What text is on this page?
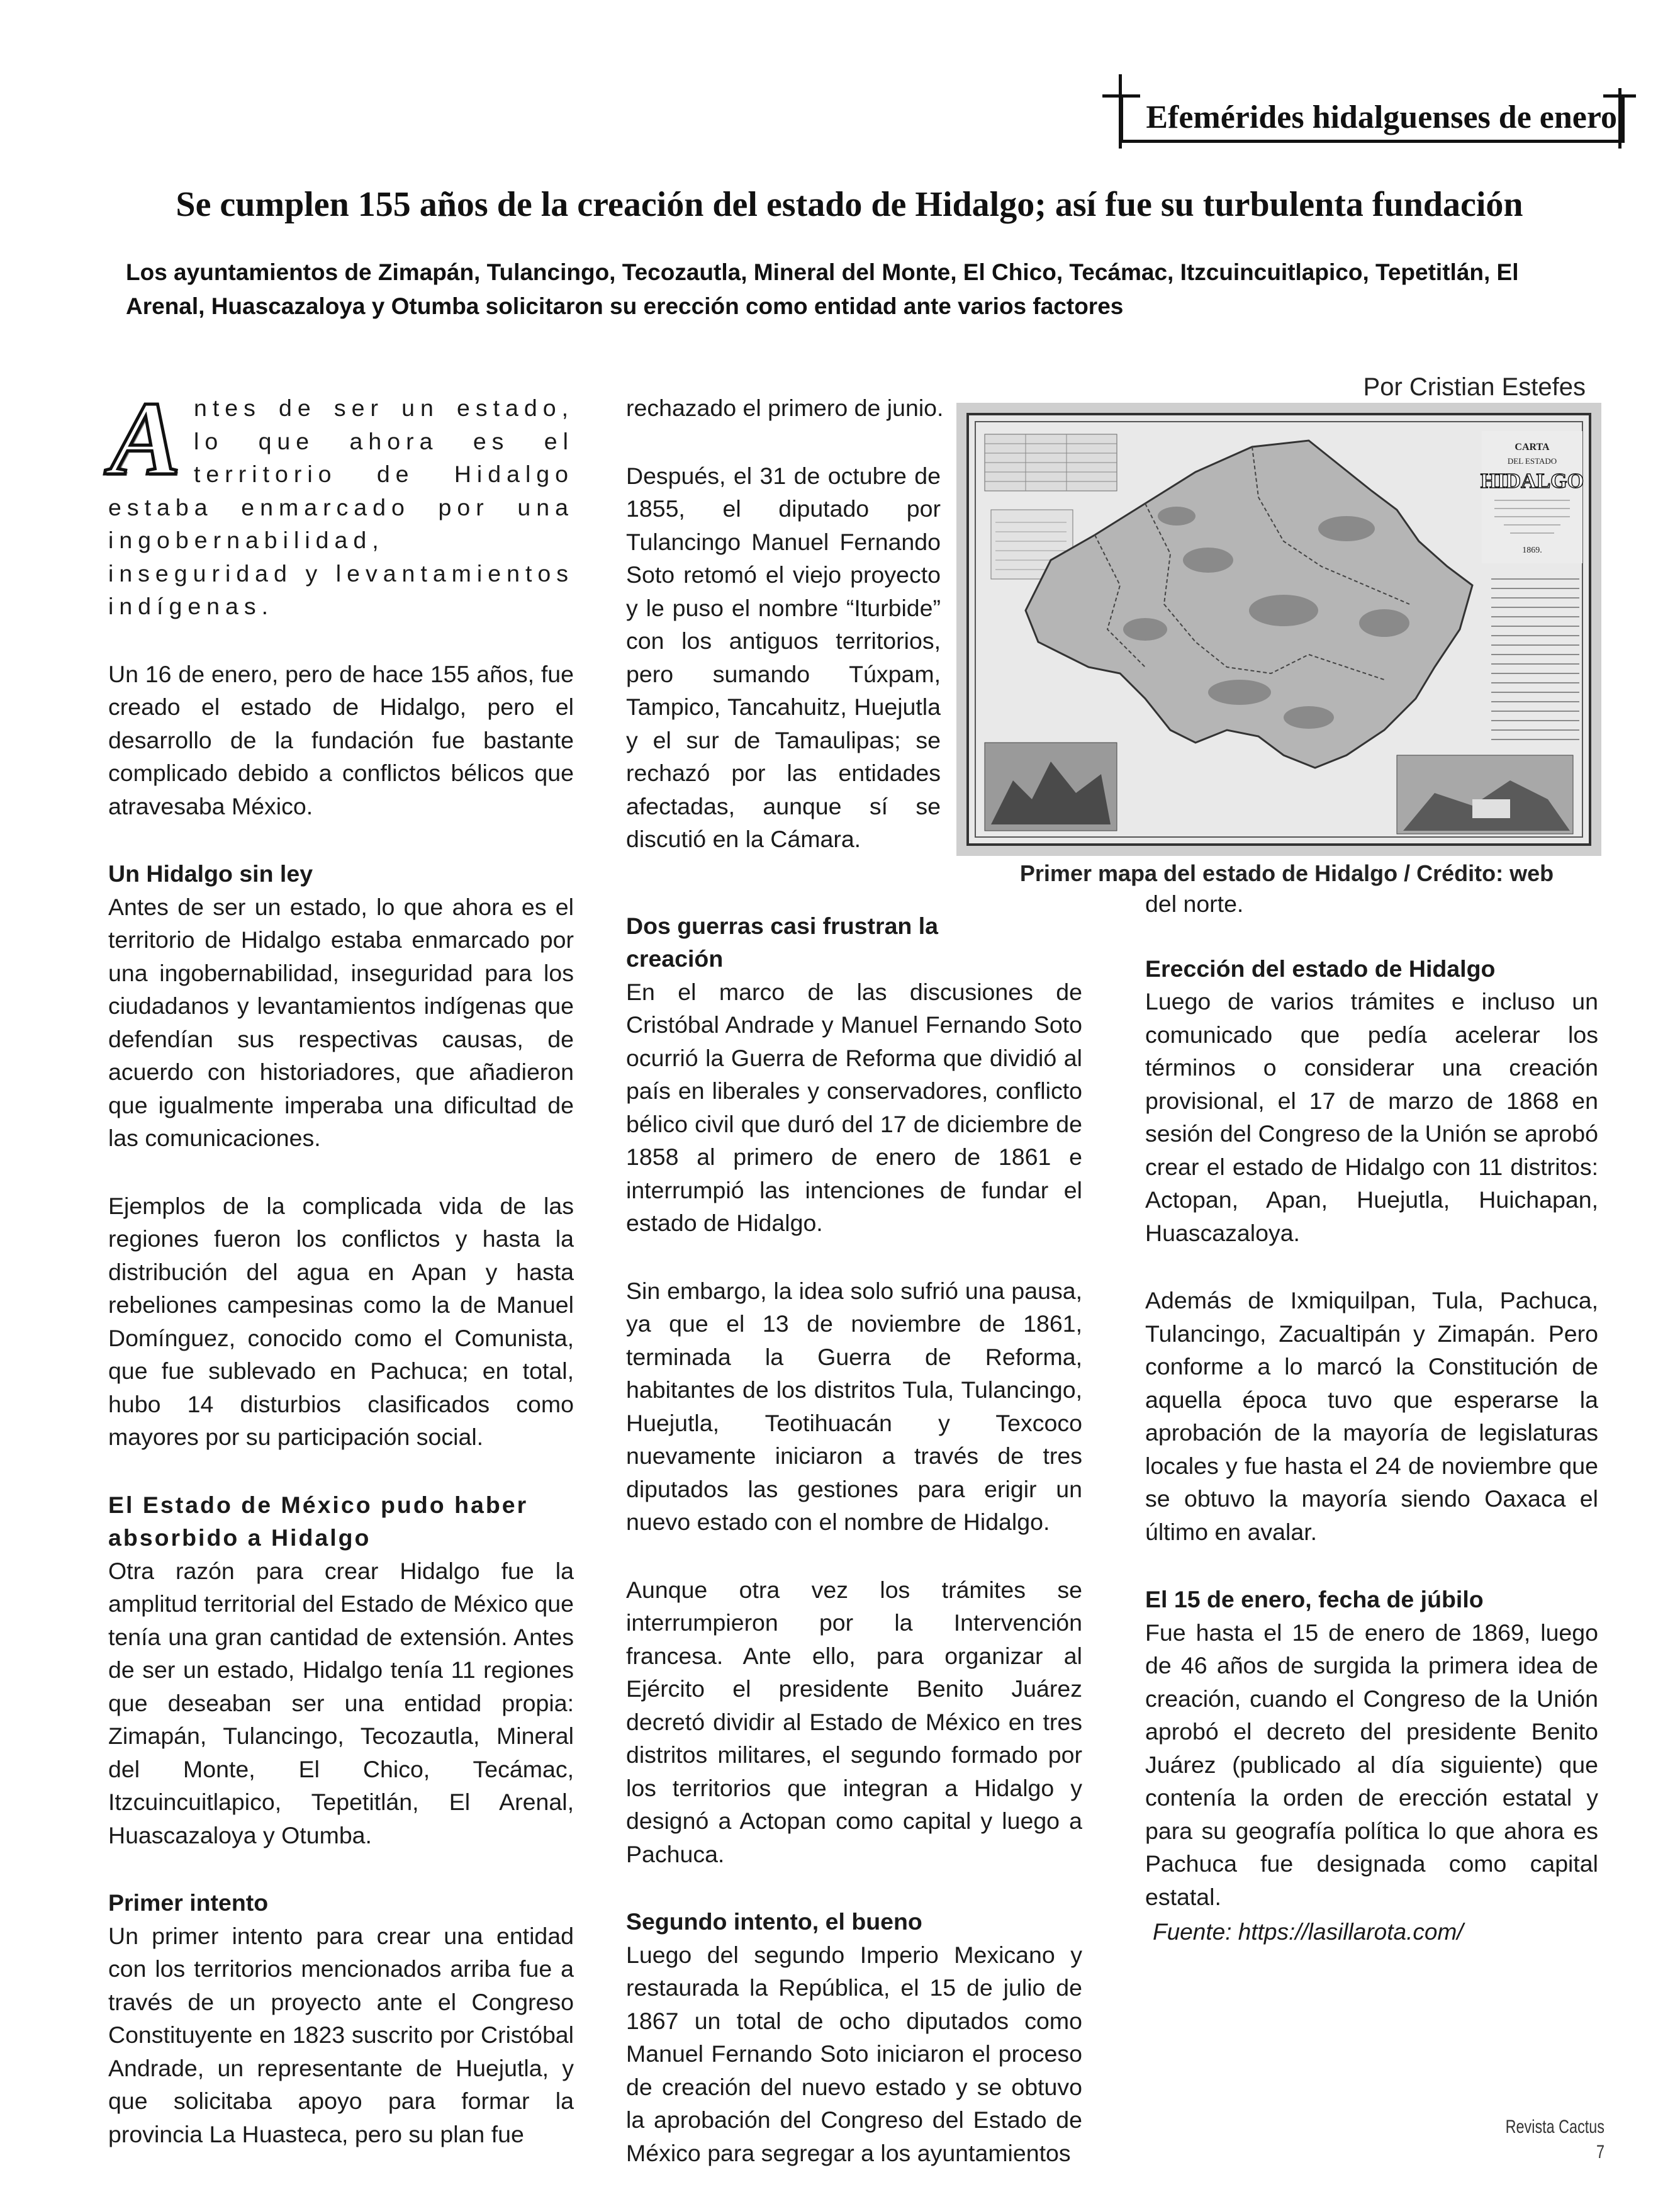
Efemérides hidalguenses de enero
Se cumplen 155 años de la creación del estado de Hidalgo; así fue su turbulenta fundación
Los ayuntamientos de Zimapán, Tulancingo, Tecozautla, Mineral del Monte, El Chico, Tecámac, Itzcuincuitlapico, Tepetitlán, El Arenal, Huascazaloya y Otumba solicitaron su erección como entidad ante varios factores
Por Cristian Estefes

Antes de ser un estado, lo que ahora es el territorio de Hidalgo estaba enmarcado por una ingobernabilidad, inseguridad y levantamientos indígenas.

Un 16 de enero, pero de hace 155 años, fue creado el estado de Hidalgo, pero el desarrollo de la fundación fue bastante complicado debido a conflictos bélicos que atravesaba México.

Un Hidalgo sin ley

Antes de ser un estado, lo que ahora es el territorio de Hidalgo estaba enmarcado por una ingobernabilidad, inseguridad para los ciudadanos y levantamientos indígenas que defendían sus respectivas causas, de acuerdo con historiadores, que añadieron que igualmente imperaba una dificultad de las comunicaciones.

Ejemplos de la complicada vida de las regiones fueron los conflictos y hasta la distribución del agua en Apan y hasta rebeliones campesinas como la de Manuel Domínguez, conocido como el Comunista, que fue sublevado en Pachuca; en total, hubo 14 disturbios clasificados como mayores por su participación social.

El Estado de México pudo haber absorbido a Hidalgo

Otra razón para crear Hidalgo fue la amplitud territorial del Estado de México que tenía una gran cantidad de extensión. Antes de ser un estado, Hidalgo tenía 11 regiones que deseaban ser una entidad propia: Zimapán, Tulancingo, Tecozautla, Mineral del Monte, El Chico, Tecámac, Itzcuincuitlapico, Tepetitlán, El Arenal, Huascazaloya y Otumba.

Primer intento

Un primer intento para crear una entidad con los territorios mencionados arriba fue a través de un proyecto ante el Congreso Constituyente en 1823 suscrito por Cristóbal Andrade, un representante de Huejutla, y que solicitaba apoyo para formar la provincia La Huasteca, pero su plan fue

rechazado el primero de junio.

Después, el 31 de octubre de 1855, el diputado por Tulancingo Manuel Fernando Soto retomó el viejo proyecto y le puso el nombre “Iturbide” con los antiguos territorios, pero sumando Túxpam, Tampico, Tancahuitz, Huejutla y el sur de Tamaulipas; se rechazó por las entidades afectadas, aunque sí se discutió en la Cámara.

Dos guerras casi frustran la creación

En el marco de las discusiones de Cristóbal Andrade y Manuel Fernando Soto ocurrió la Guerra de Reforma que dividió al país en liberales y conservadores, conflicto bélico civil que duró del 17 de diciembre de 1858 al primero de enero de 1861 e interrumpió las intenciones de fundar el estado de Hidalgo.

Sin embargo, la idea solo sufrió una pausa, ya que el 13 de noviembre de 1861, terminada la Guerra de Reforma, habitantes de los distritos Tula, Tulancingo, Huejutla, Teotihuacán y Texcoco nuevamente iniciaron a través de tres diputados las gestiones para erigir un nuevo estado con el nombre de Hidalgo.

Aunque otra vez los trámites se interrumpieron por la Intervención francesa. Ante ello, para organizar al Ejército el presidente Benito Juárez decretó dividir al Estado de México en tres distritos militares, el segundo formado por los territorios que integran a Hidalgo y designó a Actopan como capital y luego a Pachuca.

Segundo intento, el bueno

Luego del segundo Imperio Mexicano y restaurada la República, el 15 de julio de 1867 un total de ocho diputados como Manuel Fernando Soto iniciaron el proceso de creación del nuevo estado y se obtuvo la aprobación del Congreso del Estado de México para segregar a los ayuntamientos

CARTA
DEL ESTADO
HIDALGO
1869.
Primer mapa del estado de Hidalgo / Crédito: web

del norte.

Erección del estado de Hidalgo

Luego de varios trámites e incluso un comunicado que pedía acelerar los términos o considerar una creación provisional, el 17 de marzo de 1868 en sesión del Congreso de la Unión se aprobó crear el estado de Hidalgo con 11 distritos: Actopan, Apan, Huejutla, Huichapan, Huascazaloya.

Además de Ixmiquilpan, Tula, Pachuca, Tulancingo, Zacualtipán y Zimapán. Pero conforme a lo marcó la Constitución de aquella época tuvo que esperarse la aprobación de la mayoría de legislaturas locales y fue hasta el 24 de noviembre que se obtuvo la mayoría siendo Oaxaca el último en avalar.

El 15 de enero, fecha de júbilo

Fue hasta el 15 de enero de 1869, luego de 46 años de surgida la primera idea de creación, cuando el Congreso de la Unión aprobó el decreto del presidente Benito Juárez (publicado al día siguiente) que contenía la orden de erección estatal y para su geografía política lo que ahora es Pachuca fue designada como capital estatal.

Fuente: https://lasillarota.com/
Revista Cactus 7
